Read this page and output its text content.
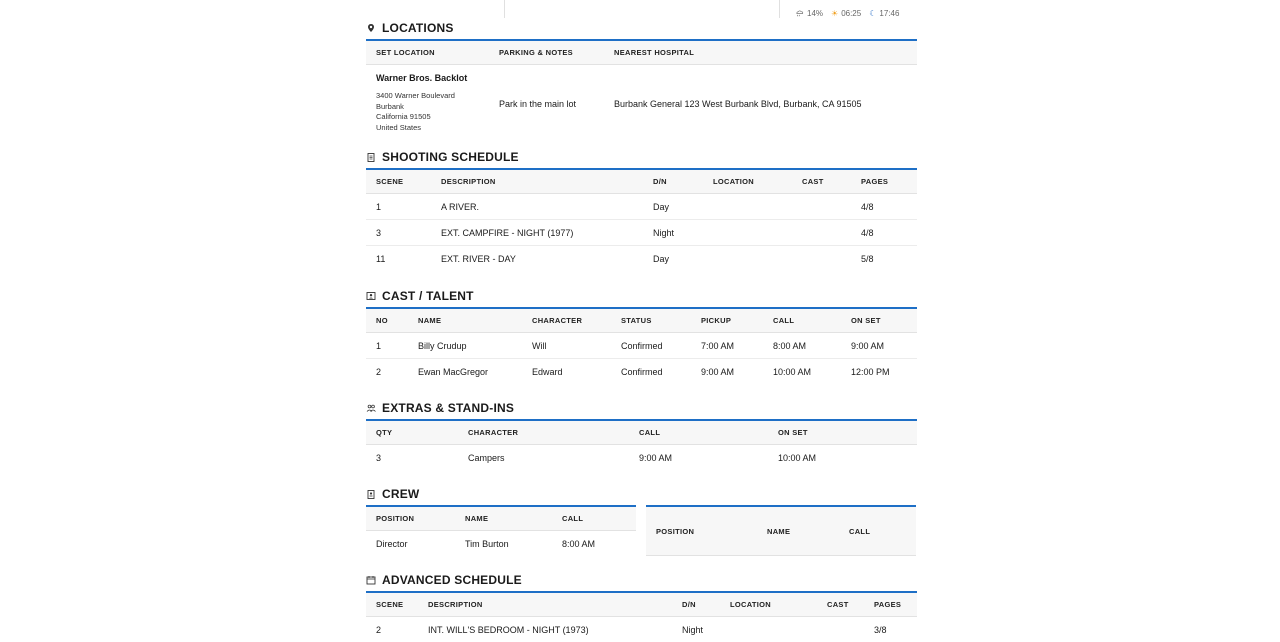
14% ☀ 06:25 ☾ 17:46
LOCATIONS
SET LOCATION	PARKING & NOTES	NEAREST HOSPITAL

Warner Bros. Backlot
3400 Warner Boulevard
Burbank
California 91505
United States	Park in the main lot	Burbank General 123 West Burbank Blvd, Burbank, CA 91505
SHOOTING SCHEDULE
SCENE	DESCRIPTION	D/N	LOCATION	CAST	PAGES
1	A RIVER.	Day			4/8
3	EXT. CAMPFIRE - NIGHT (1977)	Night			4/8
11	EXT. RIVER - DAY	Day			5/8
CAST / TALENT
NO	NAME	CHARACTER	STATUS	PICKUP	CALL	ON SET
1	Billy Crudup	Will	Confirmed	7:00 AM	8:00 AM	9:00 AM
2	Ewan MacGregor	Edward	Confirmed	9:00 AM	10:00 AM	12:00 PM
EXTRAS & STAND-INS
QTY	CHARACTER	CALL	ON SET
3	Campers	9:00 AM	10:00 AM
CREW
POSITION	NAME	CALL
Director	Tim Burton	8:00 AM
POSITION	NAME	CALL
ADVANCED SCHEDULE
SCENE	DESCRIPTION	D/N	LOCATION	CAST	PAGES
2	INT. WILL'S BEDROOM - NIGHT (1973)	Night			3/8
